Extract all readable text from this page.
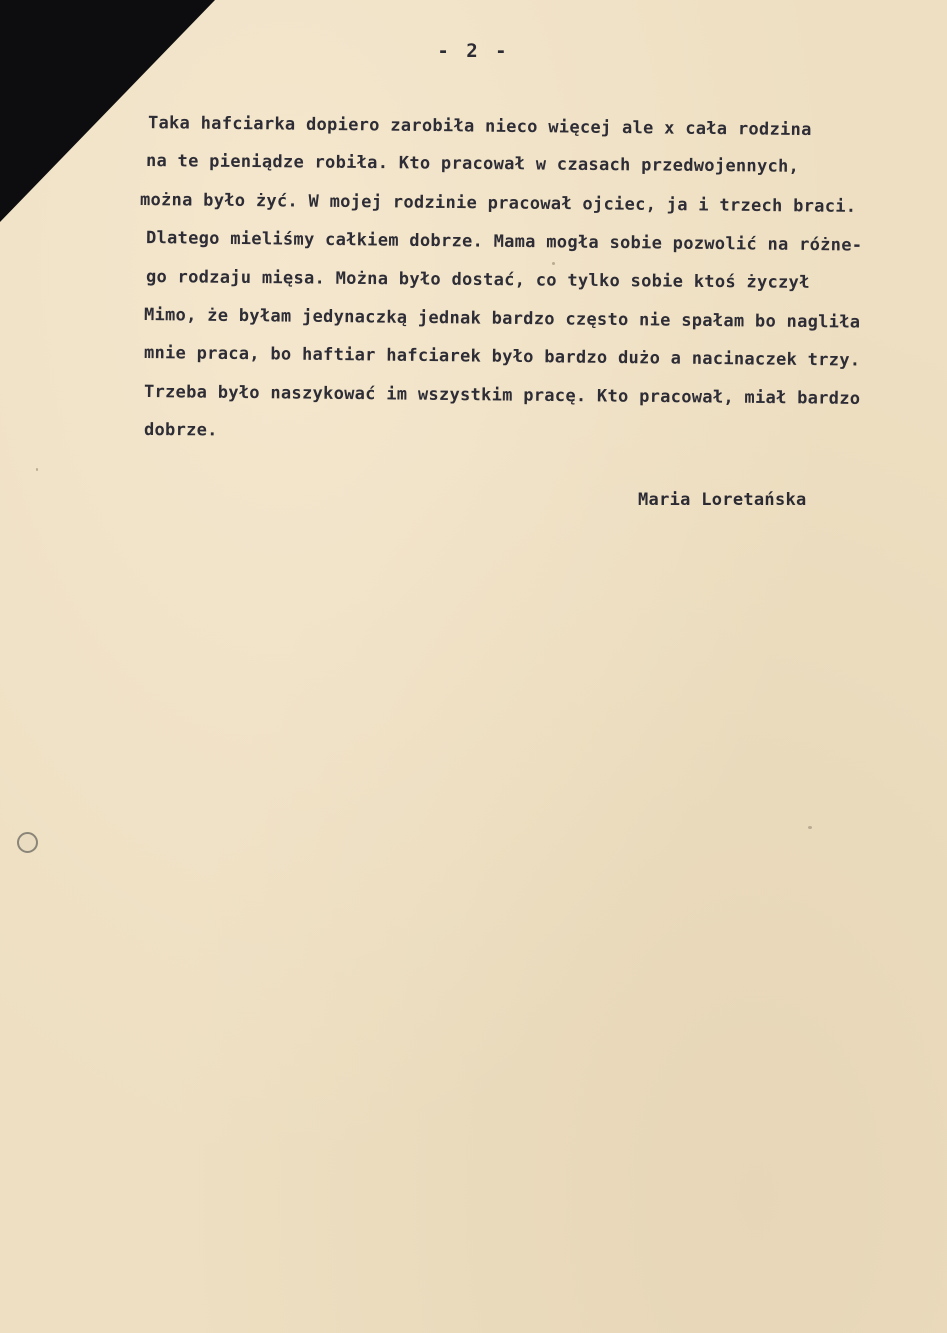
- 2 -
Taka hafciarka dopiero zarobiła nieco więcej ale x cała rodzina
na te pieniądze robiła. Kto pracował w czasach przedwojennych,
można było żyć. W mojej rodzinie pracował ojciec, ja i trzech braci.
Dlatego mieliśmy całkiem dobrze. Mama mogła sobie pozwolić na różne-
go rodzaju mięsa. Można było dostać, co tylko sobie ktoś życzył
Mimo, że byłam jedynaczką jednak bardzo często nie spałam bo nagliła
mnie praca, bo haftiar hafciarek było bardzo dużo a nacinaczek trzy.
Trzeba było naszykować im wszystkim pracę. Kto pracował, miał bardzo
dobrze.
Maria Loretańska
